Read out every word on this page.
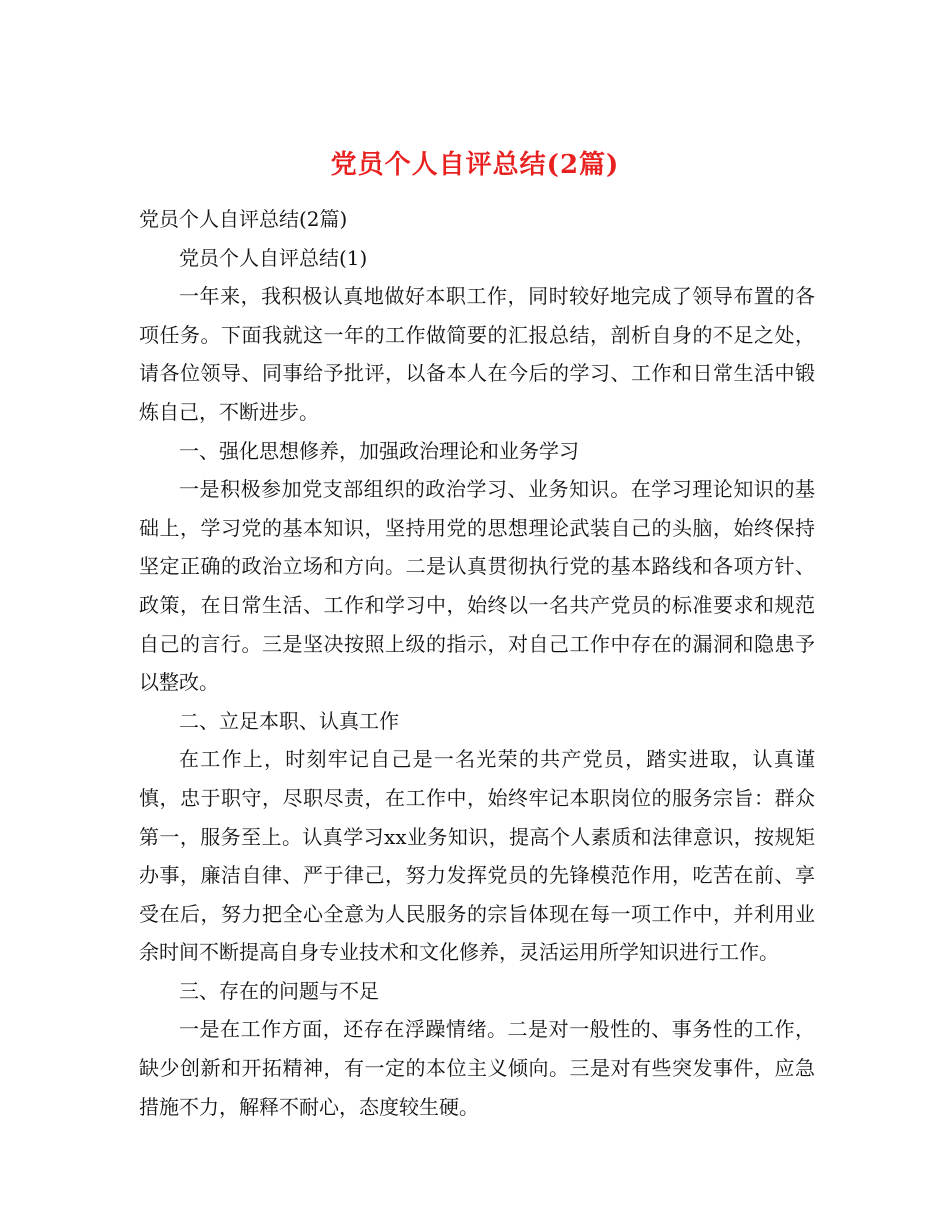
党员个人自评总结(2篇)

党员个人自评总结(2篇)

党员个人自评总结(1)

一年来，我积极认真地做好本职工作，同时较好地完成了领导布置的各项任务。下面我就这一年的工作做简要的汇报总结，剖析自身的不足之处，请各位领导、同事给予批评，以备本人在今后的学习、工作和日常生活中锻炼自己，不断进步。

一、强化思想修养，加强政治理论和业务学习

一是积极参加党支部组织的政治学习、业务知识。在学习理论知识的基础上，学习党的基本知识，坚持用党的思想理论武装自己的头脑，始终保持坚定正确的政治立场和方向。二是认真贯彻执行党的基本路线和各项方针、政策，在日常生活、工作和学习中，始终以一名共产党员的标准要求和规范自己的言行。三是坚决按照上级的指示，对自己工作中存在的漏洞和隐患予以整改。

二、立足本职、认真工作

在工作上，时刻牢记自己是一名光荣的共产党员，踏实进取，认真谨慎，忠于职守，尽职尽责，在工作中，始终牢记本职岗位的服务宗旨：群众第一，服务至上。认真学习xx业务知识，提高个人素质和法律意识，按规矩办事，廉洁自律、严于律己，努力发挥党员的先锋模范作用，吃苦在前、享受在后，努力把全心全意为人民服务的宗旨体现在每一项工作中，并利用业余时间不断提高自身专业技术和文化修养，灵活运用所学知识进行工作。

三、存在的问题与不足

一是在工作方面，还存在浮躁情绪。二是对一般性的、事务性的工作，缺少创新和开拓精神，有一定的本位主义倾向。三是对有些突发事件，应急措施不力，解释不耐心，态度较生硬。
